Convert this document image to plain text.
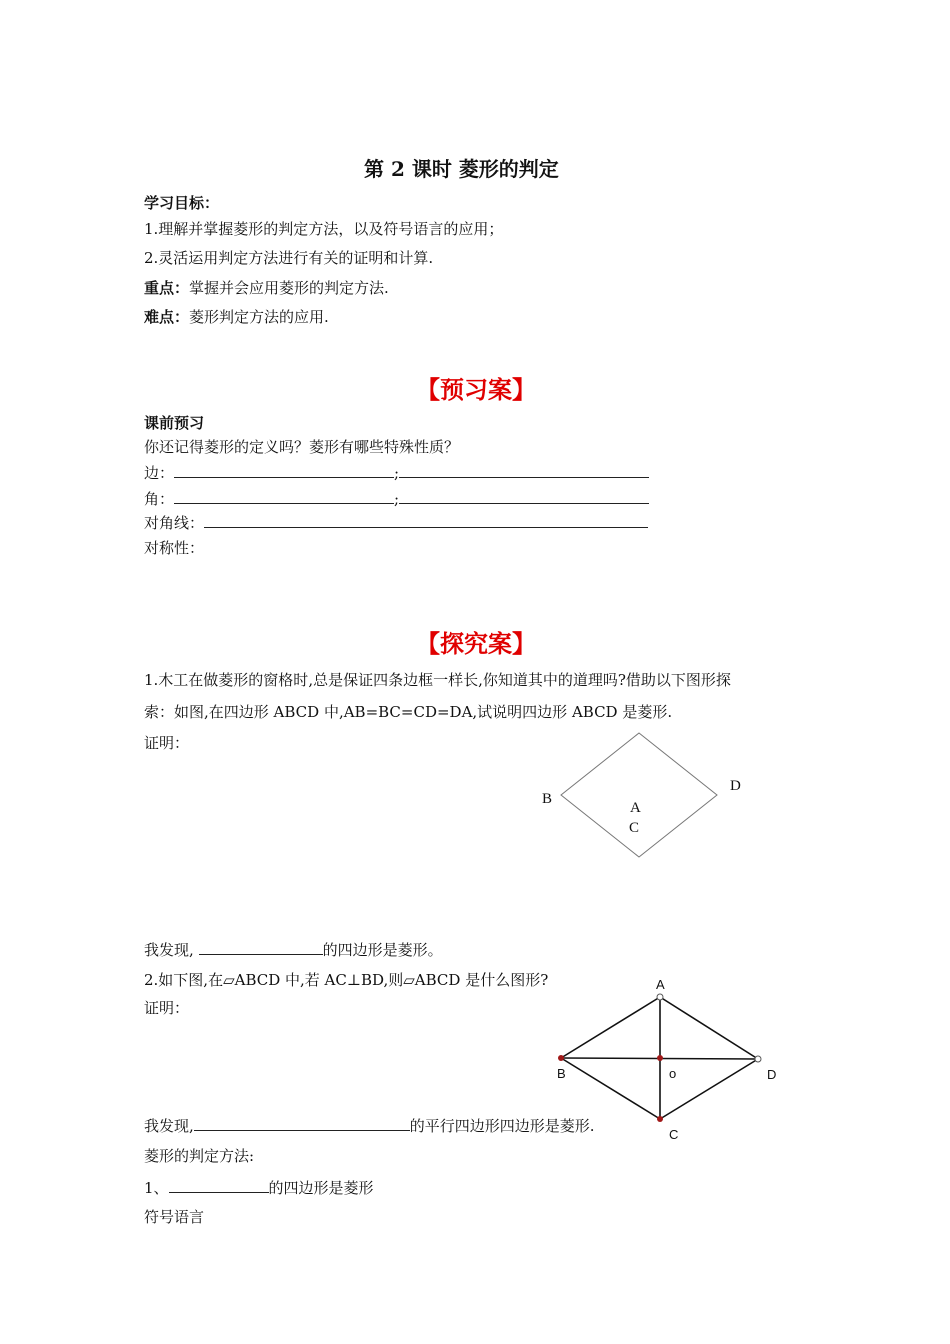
第 2 课时 菱形的判定
学习目标：
1.理解并掌握菱形的判定方法，以及符号语言的应用；
2.灵活运用判定方法进行有关的证明和计算.
重点：掌握并会应用菱形的判定方法.
难点：菱形判定方法的应用.
【预习案】
课前预习
你还记得菱形的定义吗？菱形有哪些特殊性质？
边：	;
角：	;
对角线：
对称性：
【探究案】
1.木工在做菱形的窗格时,总是保证四条边框一样长,你知道其中的道理吗?借助以下图形探
索：如图,在四边形 ABCD 中,AB=BC=CD=DA,试说明四边形 ABCD 是菱形.
证明：
B
D
A
C
我发现,	的四边形是菱形。
2.如下图,在▱ABCD 中,若 AC⊥BD,则▱ABCD 是什么图形?
证明：
A
B	o	D
C
我发现,	的平行四边形四边形是菱形.
菱形的判定方法:
1、	的四边形是菱形
符号语言
